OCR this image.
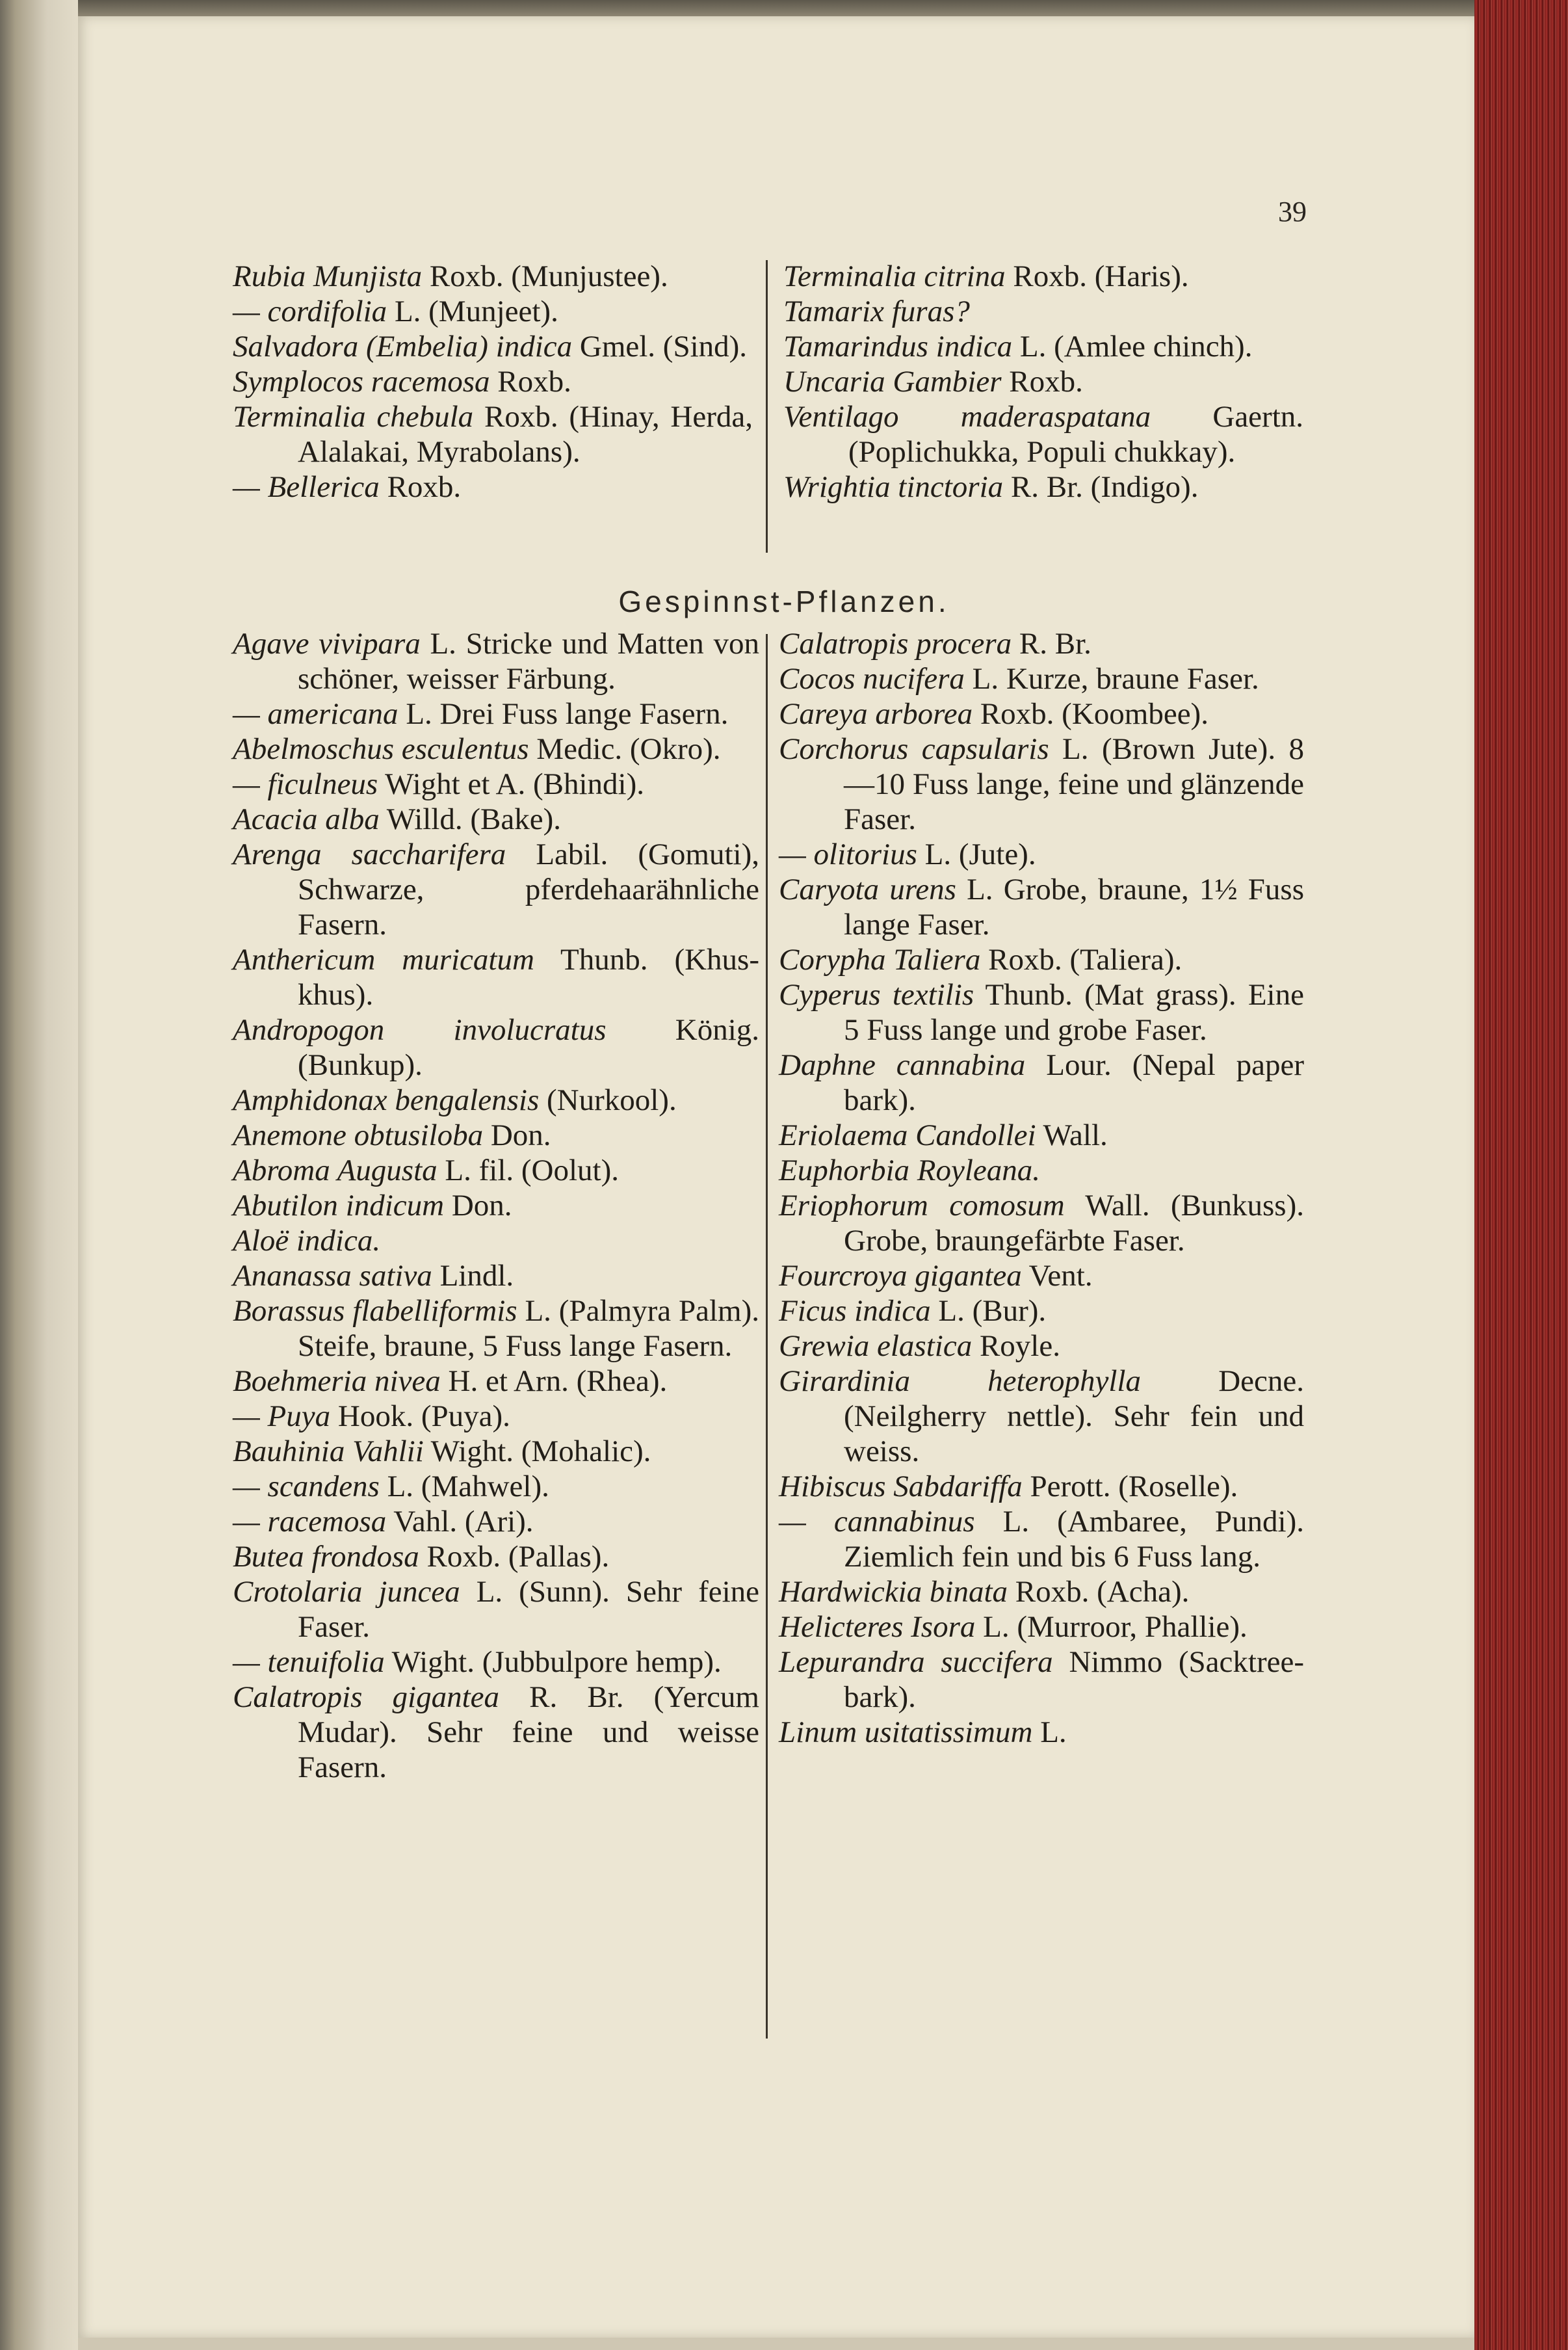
39
Rubia Munjista Roxb. (Munjustee).
— cordifolia L. (Munjeet).
Salvadora (Embelia) indica Gmel. (Sind).
Symplocos racemosa Roxb.
Terminalia chebula Roxb. (Hinay, Herda, Alalakai, Myrabolans).
— Bellerica Roxb.
Terminalia citrina Roxb. (Haris).
Tamarix furas?
Tamarindus indica L. (Amlee chinch).
Uncaria Gambier Roxb.
Ventilago maderaspatana Gaertn. (Poplichukka, Populi chukkay).
Wrightia tinctoria R. Br. (Indigo).
Gespinnst-Pflanzen.
Agave vivipara L. Stricke und Matten von schöner, weisser Färbung.
— americana L. Drei Fuss lange Fasern.
Abelmoschus esculentus Medic. (Okro).
— ficulneus Wight et A. (Bhindi).
Acacia alba Willd. (Bake).
Arenga saccharifera Labil. (Gomuti), Schwarze, pferdehaarähnliche Fasern.
Anthericum muricatum Thunb. (Khus-khus).
Andropogon involucratus König. (Bunkup).
Amphidonax bengalensis (Nurkool).
Anemone obtusiloba Don.
Abroma Augusta L. fil. (Oolut).
Abutilon indicum Don.
Aloë indica.
Ananassa sativa Lindl.
Borassus flabelliformis L. (Palmyra Palm). Steife, braune, 5 Fuss lange Fasern.
Boehmeria nivea H. et Arn. (Rhea).
— Puya Hook. (Puya).
Bauhinia Vahlii Wight. (Mohalic).
— scandens L. (Mahwel).
— racemosa Vahl. (Ari).
Butea frondosa Roxb. (Pallas).
Crotolaria juncea L. (Sunn). Sehr feine Faser.
— tenuifolia Wight. (Jubbulpore hemp).
Calatropis gigantea R. Br. (Yercum Mudar). Sehr feine und weisse Fasern.
Calatropis procera R. Br.
Cocos nucifera L. Kurze, braune Faser.
Careya arborea Roxb. (Koombee).
Corchorus capsularis L. (Brown Jute). 8—10 Fuss lange, feine und glänzende Faser.
— olitorius L. (Jute).
Caryota urens L. Grobe, braune, 1½ Fuss lange Faser.
Corypha Taliera Roxb. (Taliera).
Cyperus textilis Thunb. (Mat grass). Eine 5 Fuss lange und grobe Faser.
Daphne cannabina Lour. (Nepal paper bark).
Eriolaema Candollei Wall.
Euphorbia Royleana.
Eriophorum comosum Wall. (Bunkuss). Grobe, braungefärbte Faser.
Fourcroya gigantea Vent.
Ficus indica L. (Bur).
Grewia elastica Royle.
Girardinia heterophylla Decne. (Neilgherry nettle). Sehr fein und weiss.
Hibiscus Sabdariffa Perott. (Roselle).
— cannabinus L. (Ambaree, Pundi). Ziemlich fein und bis 6 Fuss lang.
Hardwickia binata Roxb. (Acha).
Helicteres Isora L. (Murroor, Phallie).
Lepurandra succifera Nimmo (Sacktree-bark).
Linum usitatissimum L.
